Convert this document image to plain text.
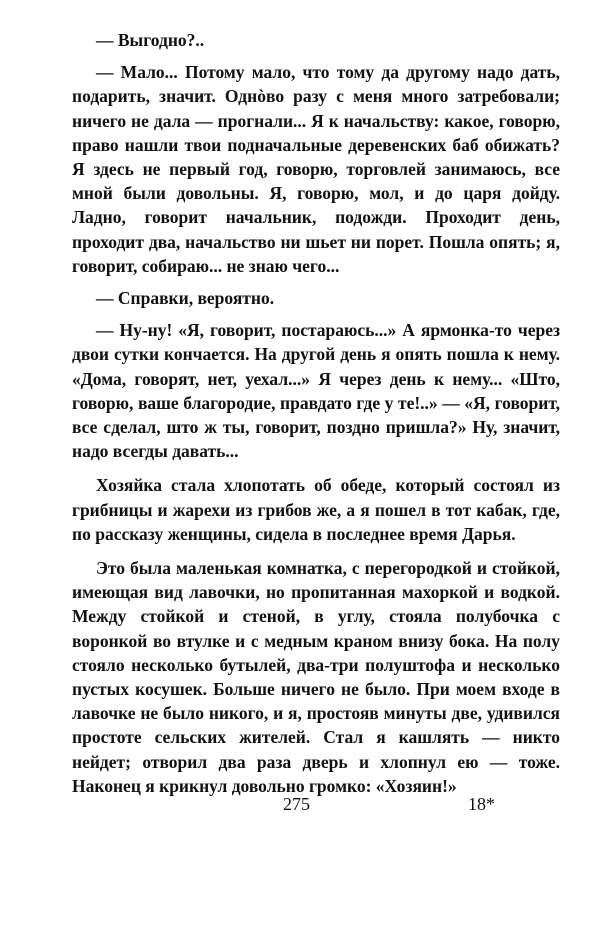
— Выгодно?..

— Мало... Потому мало, что тому да другому надо дать, подарить, значит. Однòво разу с меня много затребовали; ничего не дала — прогнали... Я к начальству: какое, говорю, право нашли твои подначальные деревенских баб обижать? Я здесь не первый год, говорю, торговлей занимаюсь, все мной были довольны. Я, говорю, мол, и до царя дойду. Ладно, говорит начальник, подожди. Проходит день, проходит два, начальство ни шьет ни порет. Пошла опять; я, говорит, собираю... не знаю чего...

— Справки, вероятно.

— Ну-ну! «Я, говорит, постараюсь...» А ярмонка-то через двои сутки кончается. На другой день я опять пошла к нему. «Дома, говорят, нет, уехал...» Я через день к нему... «Што, говорю, ваше благородие, правдато где у те!..» — «Я, говорит, все сделал, што ж ты, говорит, поздно пришла?» Ну, значит, надо всегды давать...

Хозяйка стала хлопотать об обеде, который состоял из грибницы и жарехи из грибов же, а я пошел в тот кабак, где, по рассказу женщины, сидела в последнее время Дарья.

Это была маленькая комнатка, с перегородкой и стойкой, имеющая вид лавочки, но пропитанная махоркой и водкой. Между стойкой и стеной, в углу, стояла полубочка с воронкой во втулке и с медным краном внизу бока. На полу стояло несколько бутылей, два-три полуштофа и несколько пустых косушек. Больше ничего не было. При моем входе в лавочке не было никого, и я, простояв минуты две, удивился простоте сельских жителей. Стал я кашлять — никто нейдет; отворил два раза дверь и хлопнул ею — тоже. Наконец я крикнул довольно громко: «Хозяин!»

275	18*
